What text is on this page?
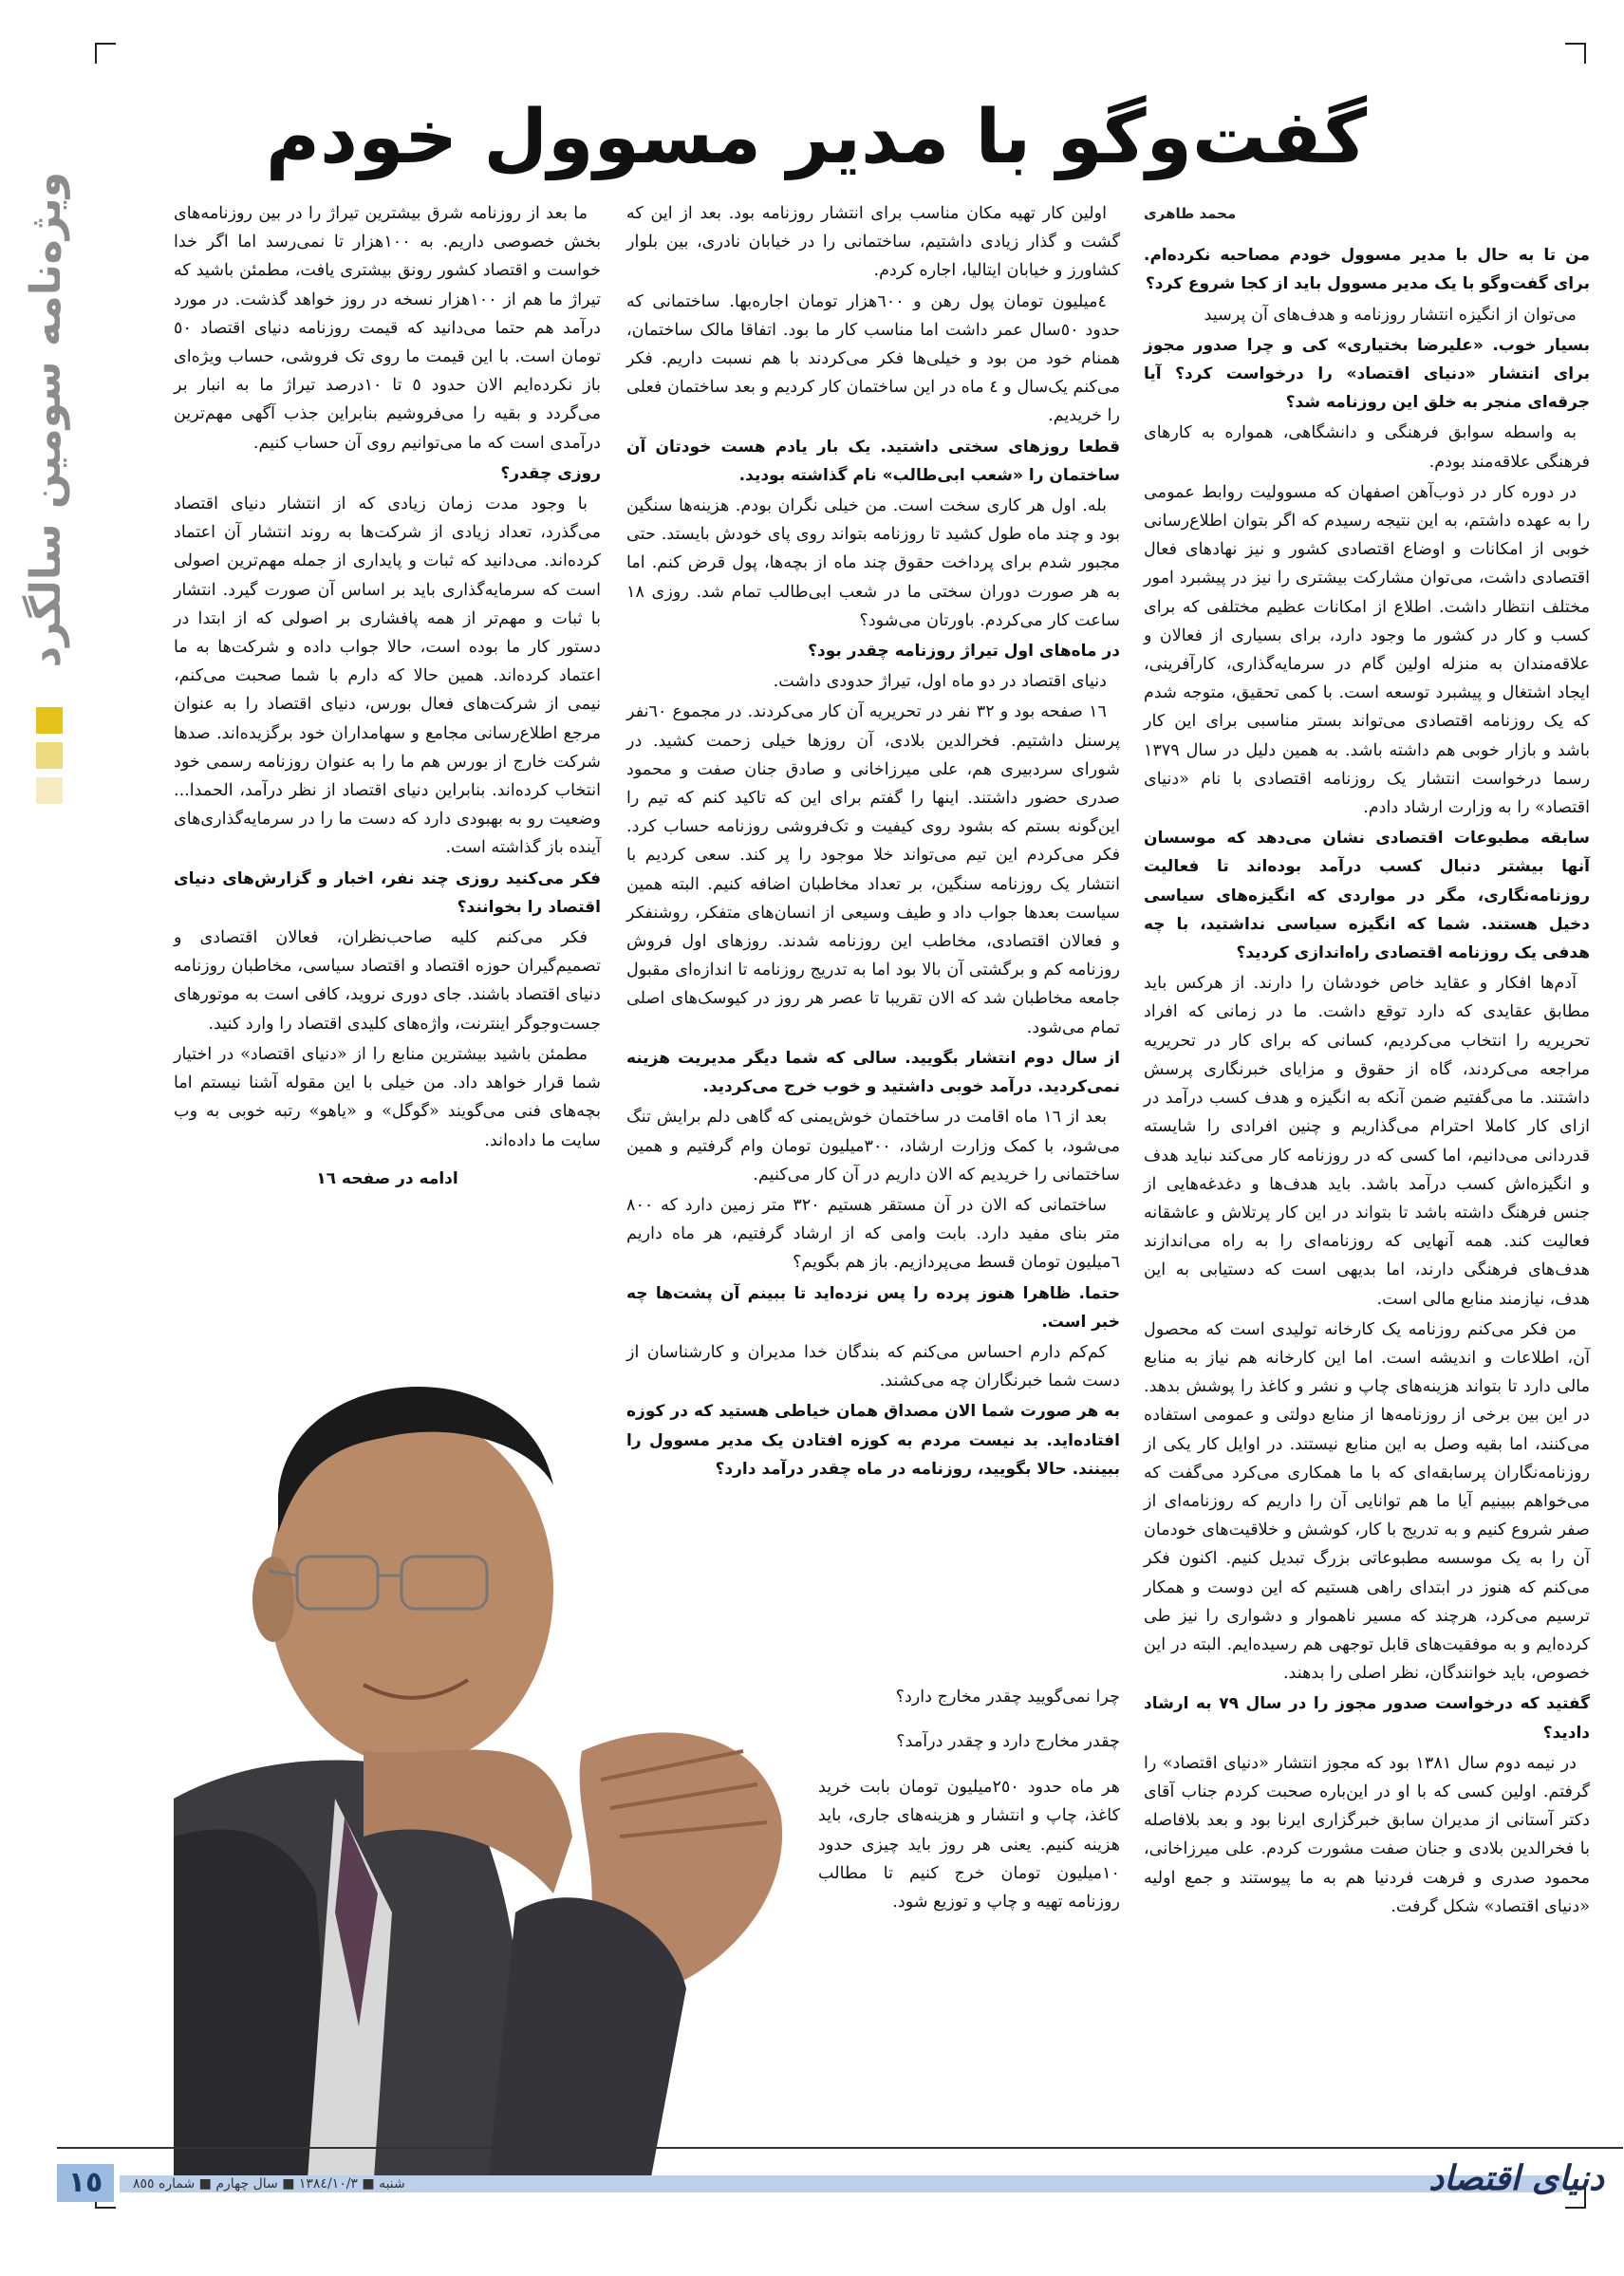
گفت‌وگو با مدیر مسوول خودم
ویژه‌نامه سومین سالگرد	محمد طاهری

من تا به حال با مدیر مسوول خودم مصاحبه نکرده‌ام. برای گفت‌وگو با یک مدیر مسوول باید از کجا شروع کرد؟

می‌توان از انگیزه انتشار روزنامه و هدف‌های آن پرسید

بسیار خوب. «علیرضا بختیاری» کی و چرا صدور مجوز برای انتشار «دنیای اقتصاد» را درخواست کرد؟ آیا جرقه‌ای منجر به خلق این روزنامه شد؟

به واسطه سوابق فرهنگی و دانشگاهی، همواره به کارهای فرهنگی علاقه‌مند بودم.

در دوره کار در ذوب‌آهن اصفهان که مسوولیت روابط عمومی را به عهده داشتم، به این نتیجه رسیدم که اگر بتوان اطلاع‌رسانی خوبی از امکانات و اوضاع اقتصادی کشور و نیز نهادهای فعال اقتصادی داشت، می‌توان مشارکت بیشتری را نیز در پیشبرد امور مختلف انتظار داشت. اطلاع از امکانات عظیم مختلفی که برای کسب و کار در کشور ما وجود دارد، برای بسیاری از فعالان و علاقه‌مندان به منزله اولین گام در سرمایه‌گذاری، کارآفرینی، ایجاد اشتغال و پیشبرد توسعه است. با کمی تحقیق، متوجه شدم که یک روزنامه اقتصادی می‌تواند بستر مناسبی برای این کار باشد و بازار خوبی هم داشته باشد. به همین دلیل در سال ۱۳۷۹ رسما درخواست انتشار یک روزنامه اقتصادی با نام «دنیای اقتصاد» را به وزارت ارشاد دادم.

سابقه مطبوعات اقتصادی نشان می‌دهد که موسسان آنها بیشتر دنبال کسب درآمد بوده‌اند تا فعالیت روزنامه‌نگاری، مگر در مواردی که انگیزه‌های سیاسی دخیل هستند. شما که انگیزه سیاسی نداشتید، با چه هدفی یک روزنامه اقتصادی راه‌اندازی کردید؟

آدم‌ها افکار و عقاید خاص خودشان را دارند. از هرکس باید مطابق عقایدی که دارد توقع داشت. ما در زمانی که افراد تحریریه را انتخاب می‌کردیم، کسانی که برای کار در تحریریه مراجعه می‌کردند، گاه از حقوق و مزایای خبرنگاری پرسش داشتند. ما می‌گفتیم ضمن آنکه به انگیزه و هدف کسب درآمد در ازای کار کاملا احترام می‌گذاریم و چنین افرادی را شایسته قدردانی می‌دانیم، اما کسی که در روزنامه کار می‌کند نباید هدف و انگیزه‌اش کسب درآمد باشد. باید هدف‌ها و دغدغه‌هایی از جنس فرهنگ داشته باشد تا بتواند در این کار پرتلاش و عاشقانه فعالیت کند. همه آنهایی که روزنامه‌ای را به راه می‌اندازند هدف‌های فرهنگی دارند، اما بدیهی است که دستیابی به این هدف، نیازمند منابع مالی است.

من فکر می‌کنم روزنامه یک کارخانه تولیدی است که محصول آن، اطلاعات و اندیشه است. اما این کارخانه هم نیاز به منابع مالی دارد تا بتواند هزینه‌های چاپ و نشر و کاغذ را پوشش بدهد. در این بین برخی از روزنامه‌ها از منابع دولتی و عمومی استفاده می‌کنند، اما بقیه وصل به این منابع نیستند. در اوایل کار یکی از روزنامه‌نگاران پرسابقه‌ای که با ما همکاری می‌کرد می‌گفت که می‌خواهم ببینیم آیا ما هم توانایی آن را داریم که روزنامه‌ای از صفر شروع کنیم و به تدریج با کار، کوشش و خلاقیت‌های خودمان آن را به یک موسسه مطبوعاتی بزرگ تبدیل کنیم. اکنون فکر می‌کنم که هنوز در ابتدای راهی هستیم که این دوست و همکار ترسیم می‌کرد، هرچند که مسیر ناهموار و دشواری را نیز طی کرده‌ایم و به موفقیت‌های قابل توجهی هم رسیده‌ایم. البته در این خصوص، باید خوانندگان، نظر اصلی را بدهند.

گفتید که درخواست صدور مجوز را در سال ۷۹ به ارشاد دادید؟

در نیمه دوم سال ۱۳۸۱ بود که مجوز انتشار «دنیای اقتصاد» را گرفتم. اولین کسی که با او در این‌باره صحبت کردم جناب آقای دکتر آستانی از مدیران سابق خبرگزاری ایرنا بود و بعد بلافاصله با فخرالدین بلادی و جنان صفت مشورت کردم. علی میرزاخانی، محمود صدری و فرهت فردنیا هم به ما پیوستند و جمع اولیه «دنیای اقتصاد» شکل گرفت.

اولین کار تهیه مکان مناسب برای انتشار روزنامه بود. بعد از این که گشت و گذار زیادی داشتیم، ساختمانی را در خیابان نادری، بین بلوار کشاورز و خیابان ایتالیا، اجاره کردم.

٤میلیون تومان پول رهن و ٦٠٠هزار تومان اجاره‌بها. ساختمانی که حدود ٥٠سال عمر داشت اما مناسب کار ما بود. اتفاقا مالک ساختمان، همنام خود من بود و خیلی‌ها فکر می‌کردند با هم نسبت داریم. فکر می‌کنم یک‌سال و ٤ ماه در این ساختمان کار کردیم و بعد ساختمان فعلی را خریدیم.

قطعا روزهای سختی داشتید. یک بار یادم هست خودتان آن ساختمان را «شعب ابی‌طالب» نام گذاشته بودید.

بله. اول هر کاری سخت است. من خیلی نگران بودم. هزینه‌ها سنگین بود و چند ماه طول کشید تا روزنامه بتواند روی پای خودش بایستد. حتی مجبور شدم برای پرداخت حقوق چند ماه از بچه‌ها، پول قرض کنم. اما به هر صورت دوران سختی ما در شعب ابی‌طالب تمام شد. روزی ١٨ ساعت کار می‌کردم. باورتان می‌شود؟

در ماه‌های اول تیراژ روزنامه چقدر بود؟

دنیای اقتصاد در دو ماه اول، تیراژ حدودی داشت.

١٦ صفحه بود و ٣٢ نفر در تحریریه آن کار می‌کردند. در مجموع ٦٠نفر پرسنل داشتیم. فخرالدین بلادی، آن روزها خیلی زحمت کشید. در شورای سردبیری هم، علی میرزاخانی و صادق جنان صفت و محمود صدری حضور داشتند. اینها را گفتم برای این که تاکید کنم که تیم را این‌گونه بستم که بشود روی کیفیت و تک‌فروشی روزنامه حساب کرد. فکر می‌کردم این تیم می‌تواند خلا موجود را پر کند. سعی کردیم با انتشار یک روزنامه سنگین، بر تعداد مخاطبان اضافه کنیم. البته همین سیاست بعدها جواب داد و طیف وسیعی از انسان‌های متفکر، روشنفکر و فعالان اقتصادی، مخاطب این روزنامه شدند. روزهای اول فروش روزنامه کم و برگشتی آن بالا بود اما به تدریج روزنامه تا اندازه‌ای مقبول جامعه مخاطبان شد که الان تقریبا تا عصر هر روز در کیوسک‌های اصلی تمام می‌شود.

از سال دوم انتشار بگویید. سالی که شما دیگر مدیریت هزینه نمی‌کردید. درآمد خوبی داشتید و خوب خرج می‌کردید.

بعد از ١٦ ماه اقامت در ساختمان خوش‌یمنی که گاهی دلم برایش تنگ می‌شود، با کمک وزارت ارشاد، ٣٠٠میلیون تومان وام گرفتیم و همین ساختمانی را خریدیم که الان داریم در آن کار می‌کنیم.

ساختمانی که الان در آن مستقر هستیم ٣٢٠ متر زمین دارد که ٨٠٠ متر بنای مفید دارد. بابت وامی که از ارشاد گرفتیم، هر ماه داریم ٦میلیون تومان قسط می‌پردازیم. باز هم بگویم؟

حتما. ظاهرا هنوز پرده را پس نزده‌اید تا ببینم آن پشت‌ها چه خبر است.

کم‌کم دارم احساس می‌کنم که بندگان خدا مدیران و کارشناسان از دست شما خبرنگاران چه می‌کشند.

به هر صورت شما الان مصداق همان خیاطی هستید که در کوزه افتاده‌اید. بد نیست مردم به کوزه افتادن یک مدیر مسوول را ببینند. حالا بگویید، روزنامه در ماه چقدر درآمد دارد؟

چرا نمی‌گویید چقدر مخارج دارد؟

چقدر مخارج دارد و چقدر درآمد؟

هر ماه حدود ٢٥٠میلیون تومان بابت خرید کاغذ، چاپ و انتشار و هزینه‌های جاری، باید هزینه کنیم. یعنی هر روز باید چیزی حدود ١٠میلیون تومان خرج کنیم تا مطالب روزنامه تهیه و چاپ و توزیع شود.

ما بعد از روزنامه شرق بیشترین تیراژ را در بین روزنامه‌های بخش خصوصی داریم. به ١٠٠هزار تا نمی‌رسد اما اگر خدا خواست و اقتصاد کشور رونق بیشتری یافت، مطمئن باشید که تیراژ ما هم از ١٠٠هزار نسخه در روز خواهد گذشت. در مورد درآمد هم حتما می‌دانید که قیمت روزنامه دنیای اقتصاد ٥٠ تومان است. با این قیمت ما روی تک فروشی، حساب ویژه‌ای باز نکرده‌ایم الان حدود ٥ تا ١٠درصد تیراژ ما به انبار بر می‌گردد و بقیه را می‌فروشیم بنابراین جذب آگهی مهم‌ترین درآمدی است که ما می‌توانیم روی آن حساب کنیم.

روزی چقدر؟

با وجود مدت زمان زیادی که از انتشار دنیای اقتصاد می‌گذرد، تعداد زیادی از شرکت‌ها به روند انتشار آن اعتماد کرده‌اند. می‌دانید که ثبات و پایداری از جمله مهم‌ترین اصولی است که سرمایه‌گذاری باید بر اساس آن صورت گیرد. انتشار با ثبات و مهم‌تر از همه پافشاری بر اصولی که از ابتدا در دستور کار ما بوده است، حالا جواب داده و شرکت‌ها به ما اعتماد کرده‌اند. همین حالا که دارم با شما صحبت می‌کنم، نیمی از شرکت‌های فعال بورس، دنیای اقتصاد را به عنوان مرجع اطلاع‌رسانی مجامع و سهامداران خود برگزیده‌اند. صدها شرکت خارج از بورس هم ما را به عنوان روزنامه رسمی خود انتخاب کرده‌اند. بنابراین دنیای اقتصاد از نظر درآمد، الحمدا... وضعیت رو به بهبودی دارد که دست ما را در سرمایه‌گذاری‌های آینده باز گذاشته است.

فکر می‌کنید روزی چند نفر، اخبار و گزارش‌های دنیای اقتصاد را بخوانند؟

فکر می‌کنم کلیه صاحب‌نظران، فعالان اقتصادی و تصمیم‌گیران حوزه اقتصاد و اقتصاد سیاسی، مخاطبان روزنامه دنیای اقتصاد باشند. جای دوری نروید، کافی است به موتورهای جست‌وجوگر اینترنت، واژه‌های کلیدی اقتصاد را وارد کنید.

مطمئن باشید بیشترین منابع را از «دنیای اقتصاد» در اختیار شما قرار خواهد داد. من خیلی با این مقوله آشنا نیستم اما بچه‌های فنی می‌گویند «گوگل» و «یاهو» رتبه خوبی به وب سایت ما داده‌اند.

ادامه در صفحه ١٦
١٥	شنبه ■ ١٣٨٤/١٠/٣ ■ سال چهارم ■ شماره ٨٥٥	دنیای اقتصاد
